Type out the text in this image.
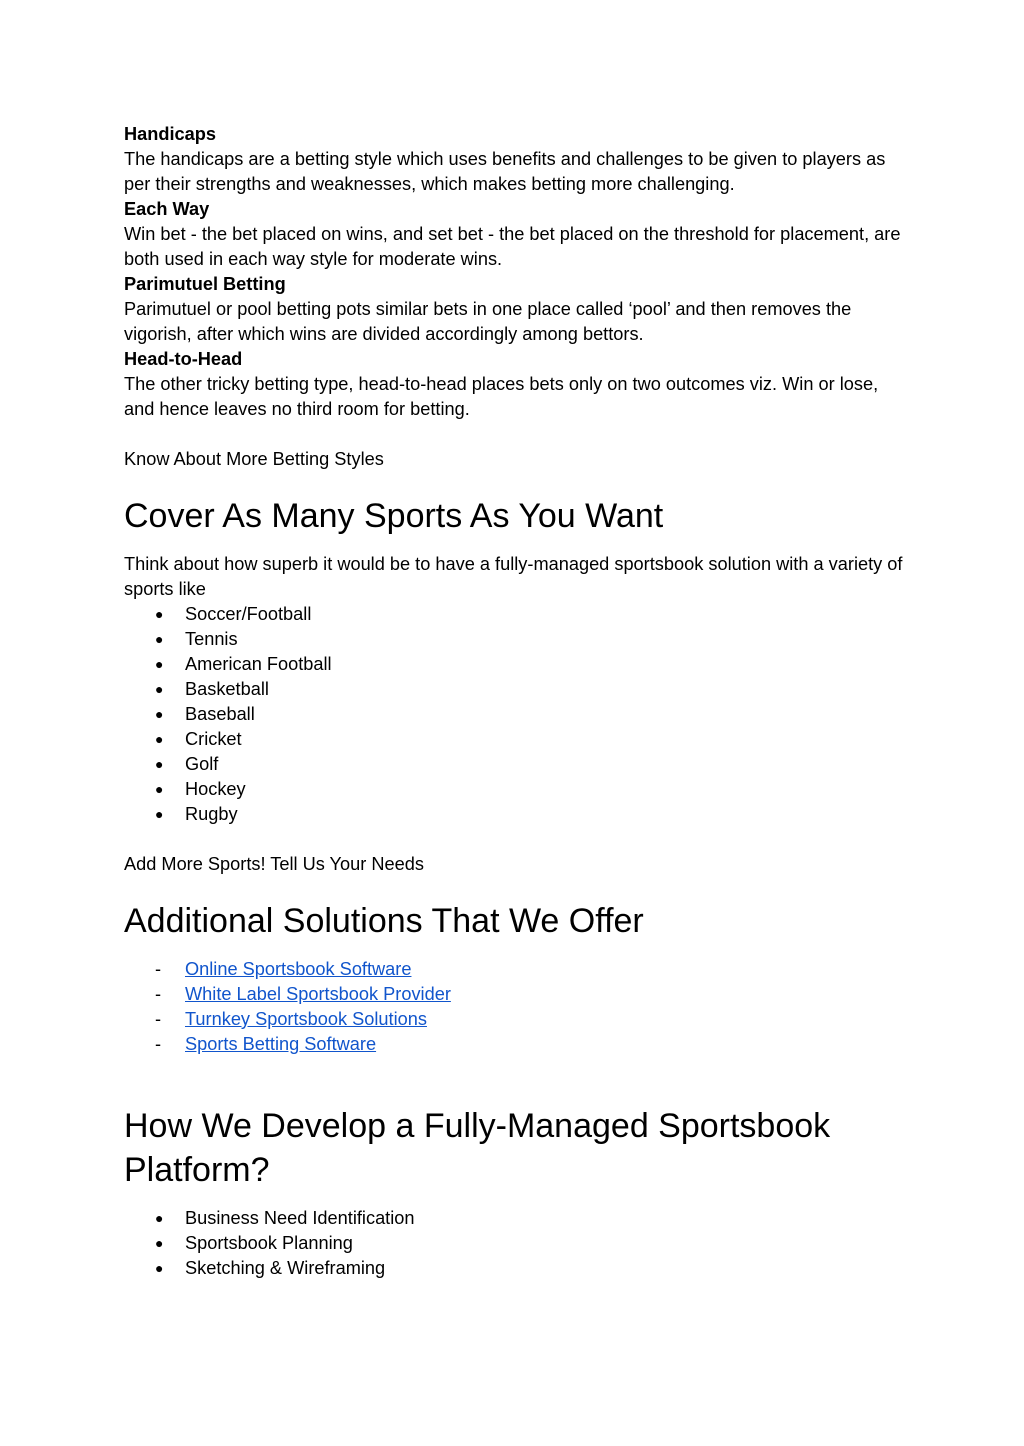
Handicaps

The handicaps are a betting style which uses benefits and challenges to be given to players as per their strengths and weaknesses, which makes betting more challenging.

Each Way

Win bet - the bet placed on wins, and set bet - the bet placed on the threshold for placement, are both used in each way style for moderate wins.

Parimutuel Betting

Parimutuel or pool betting pots similar bets in one place called ‘pool’ and then removes the vigorish, after which wins are divided accordingly among bettors.

Head-to-Head

The other tricky betting type, head-to-head places bets only on two outcomes viz. Win or lose, and hence leaves no third room for betting.

Know About More Betting Styles

Cover As Many Sports As You Want

Think about how superb it would be to have a fully-managed sportsbook solution with a variety of sports like

● Soccer/Football
● Tennis
● American Football
● Basketball
● Baseball
● Cricket
● Golf
● Hockey
● Rugby

Add More Sports! Tell Us Your Needs

Additional Solutions That We Offer
- Online Sportsbook Software
- White Label Sportsbook Provider
- Turnkey Sportsbook Solutions
- Sports Betting Software
How We Develop a Fully-Managed Sportsbook Platform?
● Business Need Identification
● Sportsbook Planning
● Sketching & Wireframing
